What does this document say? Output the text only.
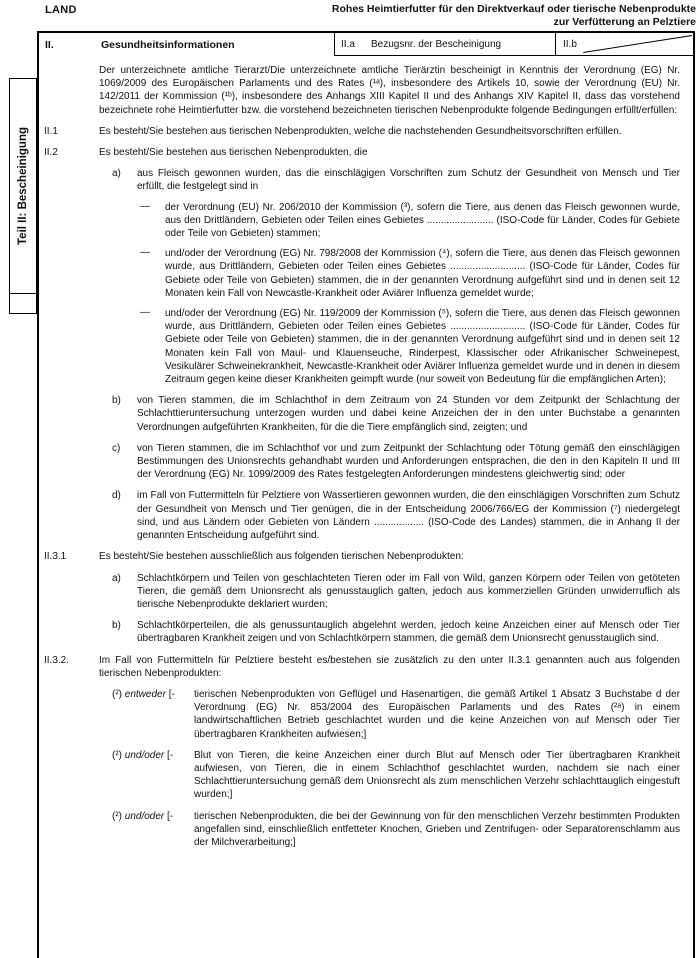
LAND	Rohes Heimtierfutter für den Direktverkauf oder tierische Nebenprodukte zur Verfütterung an Pelztiere
Teil II: Bescheinigung
II.	Gesundheitsinformationen	II.a	Bezugsnr. der Bescheinigung	II.b
Der unterzeichnete amtliche Tierarzt/Die unterzeichnete amtliche Tierärztin bescheinigt in Kenntnis der Verordnung (EG) Nr. 1069/2009 des Europäischen Parlaments und des Rates (¹ᵃ), insbesondere des Artikels 10, sowie der Verordnung (EU) Nr. 142/2011 der Kommission (¹ᵇ), insbesondere des Anhangs XIII Kapitel II und des Anhangs XIV Kapitel II, dass das vorstehend bezeichnete rohe Heimtierfutter bzw. die vorstehend bezeichneten tierischen Nebenprodukte folgende Bedingungen erfüllt/erfüllen:
II.1	Es besteht/Sie bestehen aus tierischen Nebenprodukten, welche die nachstehenden Gesundheitsvorschriften erfüllen.
II.2	Es besteht/Sie bestehen aus tierischen Nebenprodukten, die
a) aus Fleisch gewonnen wurden, das die einschlägigen Vorschriften zum Schutz der Gesundheit von Mensch und Tier erfüllt, die festgelegt sind in
— der Verordnung (EU) Nr. 206/2010 der Kommission (³), sofern die Tiere, aus denen das Fleisch gewonnen wurde, aus den Drittländern, Gebieten oder Teilen eines Gebietes ........................ (ISO-Code für Länder, Codes für Gebiete oder Teile von Gebieten) stammen;
— und/oder der Verordnung (EG) Nr. 798/2008 der Kommission (⁴), sofern die Tiere, aus denen das Fleisch gewonnen wurde, aus Drittländern, Gebieten oder Teilen eines Gebietes ........................... (ISO-Code für Länder, Codes für Gebiete oder Teile von Gebieten) stammen, die in der genannten Verordnung aufgeführt sind und in denen seit 12 Monaten kein Fall von Newcastle-Krankheit oder Aviärer Influenza gemeldet wurde;
— und/oder der Verordnung (EG) Nr. 119/2009 der Kommission (⁵), sofern die Tiere, aus denen das Fleisch gewonnen wurde, aus Drittländern, Gebieten oder Teilen eines Gebietes ........................... (ISO-Code für Länder, Codes für Gebiete oder Teile von Gebieten) stammen, die in der genannten Verordnung aufgeführt sind und in denen seit 12 Monaten kein Fall von Maul- und Klauenseuche, Rinderpest, Klassischer oder Afrikanischer Schweinepest, Vesikulärer Schweinekrankheit, Newcastle-Krankheit oder Aviärer Influenza gemeldet wurde und in denen in diesem Zeitraum gegen keine dieser Krankheiten geimpft wurde (nur soweit von Bedeutung für die empfänglichen Arten);
b) von Tieren stammen, die im Schlachthof in dem Zeitraum von 24 Stunden vor dem Zeitpunkt der Schlachtung der Schlachttieruntersuchung unterzogen wurden und dabei keine Anzeichen der in den unter Buchstabe a genannten Verordnungen aufgeführten Krankheiten, für die die Tiere empfänglich sind, zeigten; und
c) von Tieren stammen, die im Schlachthof vor und zum Zeitpunkt der Schlachtung oder Tötung gemäß den einschlägigen Bestimmungen des Unionsrechts gehandhabt wurden und Anforderungen entsprachen, die den in den Kapiteln II und III der Verordnung (EG) Nr. 1099/2009 des Rates festgelegten Anforderungen mindestens gleichwertig sind; oder
d) im Fall von Futtermitteln für Pelztiere von Wassertieren gewonnen wurden, die den einschlägigen Vorschriften zum Schutz der Gesundheit von Mensch und Tier genügen, die in der Entscheidung 2006/766/EG der Kommission (⁷) niedergelegt sind, und aus Ländern oder Gebieten von Ländern .................. (ISO-Code des Landes) stammen, die in Anhang II der genannten Entscheidung aufgeführt sind.
II.3.1	Es besteht/Sie bestehen ausschließlich aus folgenden tierischen Nebenprodukten:
a) Schlachtkörpern und Teilen von geschlachteten Tieren oder im Fall von Wild, ganzen Körpern oder Teilen von getöteten Tieren, die gemäß dem Unionsrecht als genusstauglich galten, jedoch aus kommerziellen Gründen unwiderruflich als tierische Nebenprodukte deklariert wurden;
b) Schlachtkörperteilen, die als genussuntauglich abgelehnt werden, jedoch keine Anzeichen einer auf Mensch oder Tier übertragbaren Krankheit zeigen und von Schlachtkörpern stammen, die gemäß dem Unionsrecht genusstauglich sind.
II.3.2.	Im Fall von Futtermitteln für Pelztiere besteht es/bestehen sie zusätzlich zu den unter II.3.1 genannten auch aus folgenden tierischen Nebenprodukten:
(²) entweder [- tierischen Nebenprodukten von Geflügel und Hasenartigen, die gemäß Artikel 1 Absatz 3 Buchstabe d der Verordnung (EG) Nr. 853/2004 des Europäischen Parlaments und des Rates (²ᵃ) in einem landwirtschaftlichen Betrieb geschlachtet wurden und die keine Anzeichen von auf Mensch oder Tier übertragbaren Krankheiten aufwiesen;]
(²) und/oder [- Blut von Tieren, die keine Anzeichen einer durch Blut auf Mensch oder Tier übertragbaren Krankheit aufwiesen, von Tieren, die in einem Schlachthof geschlachtet wurden, nachdem sie nach einer Schlachttieruntersuchung gemäß dem Unionsrecht als zum menschlichen Verzehr schlachttauglich eingestuft wurden;]
(²) und/oder [- tierischen Nebenprodukten, die bei der Gewinnung von für den menschlichen Verzehr bestimmten Produkten angefallen sind, einschließlich entfetteter Knochen, Grieben und Zentrifugen- oder Separatorenschlamm aus der Milchverarbeitung;]
